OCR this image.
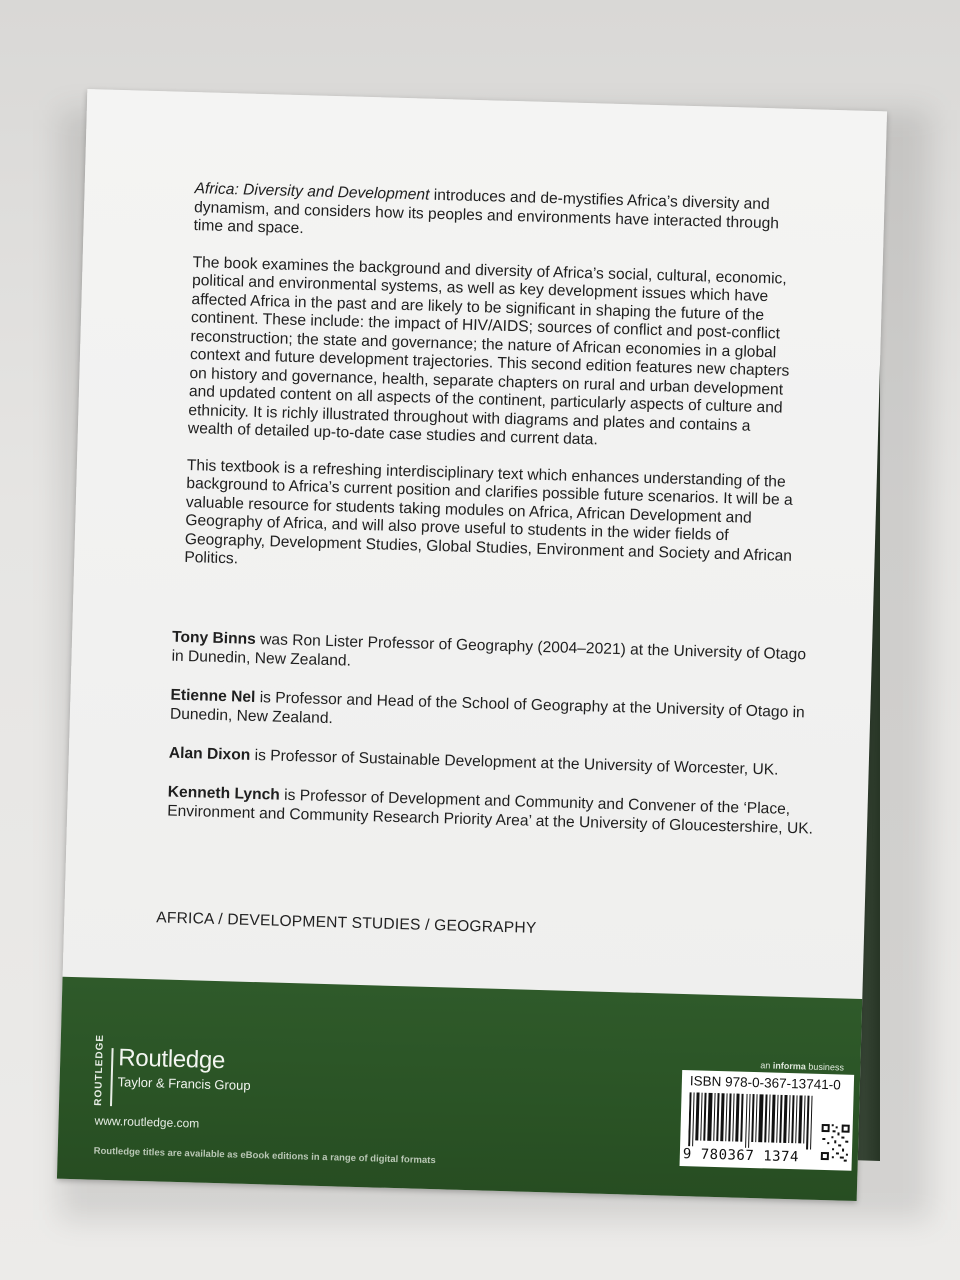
Africa: Diversity and Development introduces and de-mystifies Africa’s diversity and dynamism, and considers how its peoples and environments have interacted through time and space.

The book examines the background and diversity of Africa’s social, cultural, economic, political and environmental systems, as well as key development issues which have affected Africa in the past and are likely to be significant in shaping the future of the continent. These include: the impact of HIV/AIDS; sources of conflict and post-conflict reconstruction; the state and governance; the nature of African economies in a global context and future development trajectories. This second edition features new chapters on history and governance, health, separate chapters on rural and urban development and updated content on all aspects of the continent, particularly aspects of culture and ethnicity. It is richly illustrated throughout with diagrams and plates and contains a wealth of detailed up-to-date case studies and current data.

This textbook is a refreshing interdisciplinary text which enhances understanding of the background to Africa’s current position and clarifies possible future scenarios. It will be a valuable resource for students taking modules on Africa, African Development and Geography of Africa, and will also prove useful to students in the wider fields of Geography, Development Studies, Global Studies, Environment and Society and African Politics.

Tony Binns was Ron Lister Professor of Geography (2004–2021) at the University of Otago in Dunedin, New Zealand.

Etienne Nel is Professor and Head of the School of Geography at the University of Otago in Dunedin, New Zealand.

Alan Dixon is Professor of Sustainable Development at the University of Worcester, UK.

Kenneth Lynch is Professor of Development and Community and Convener of the ‘Place, Environment and Community Research Priority Area’ at the University of Gloucestershire, UK.

AFRICA / DEVELOPMENT STUDIES / GEOGRAPHY
ROUTLEDGE Routledge
Taylor & Francis Group
www.routledge.com
Routledge titles are available as eBook editions in a range of digital formats
an informa business
ISBN 978-0-367-13741-0
9 780367 1374
